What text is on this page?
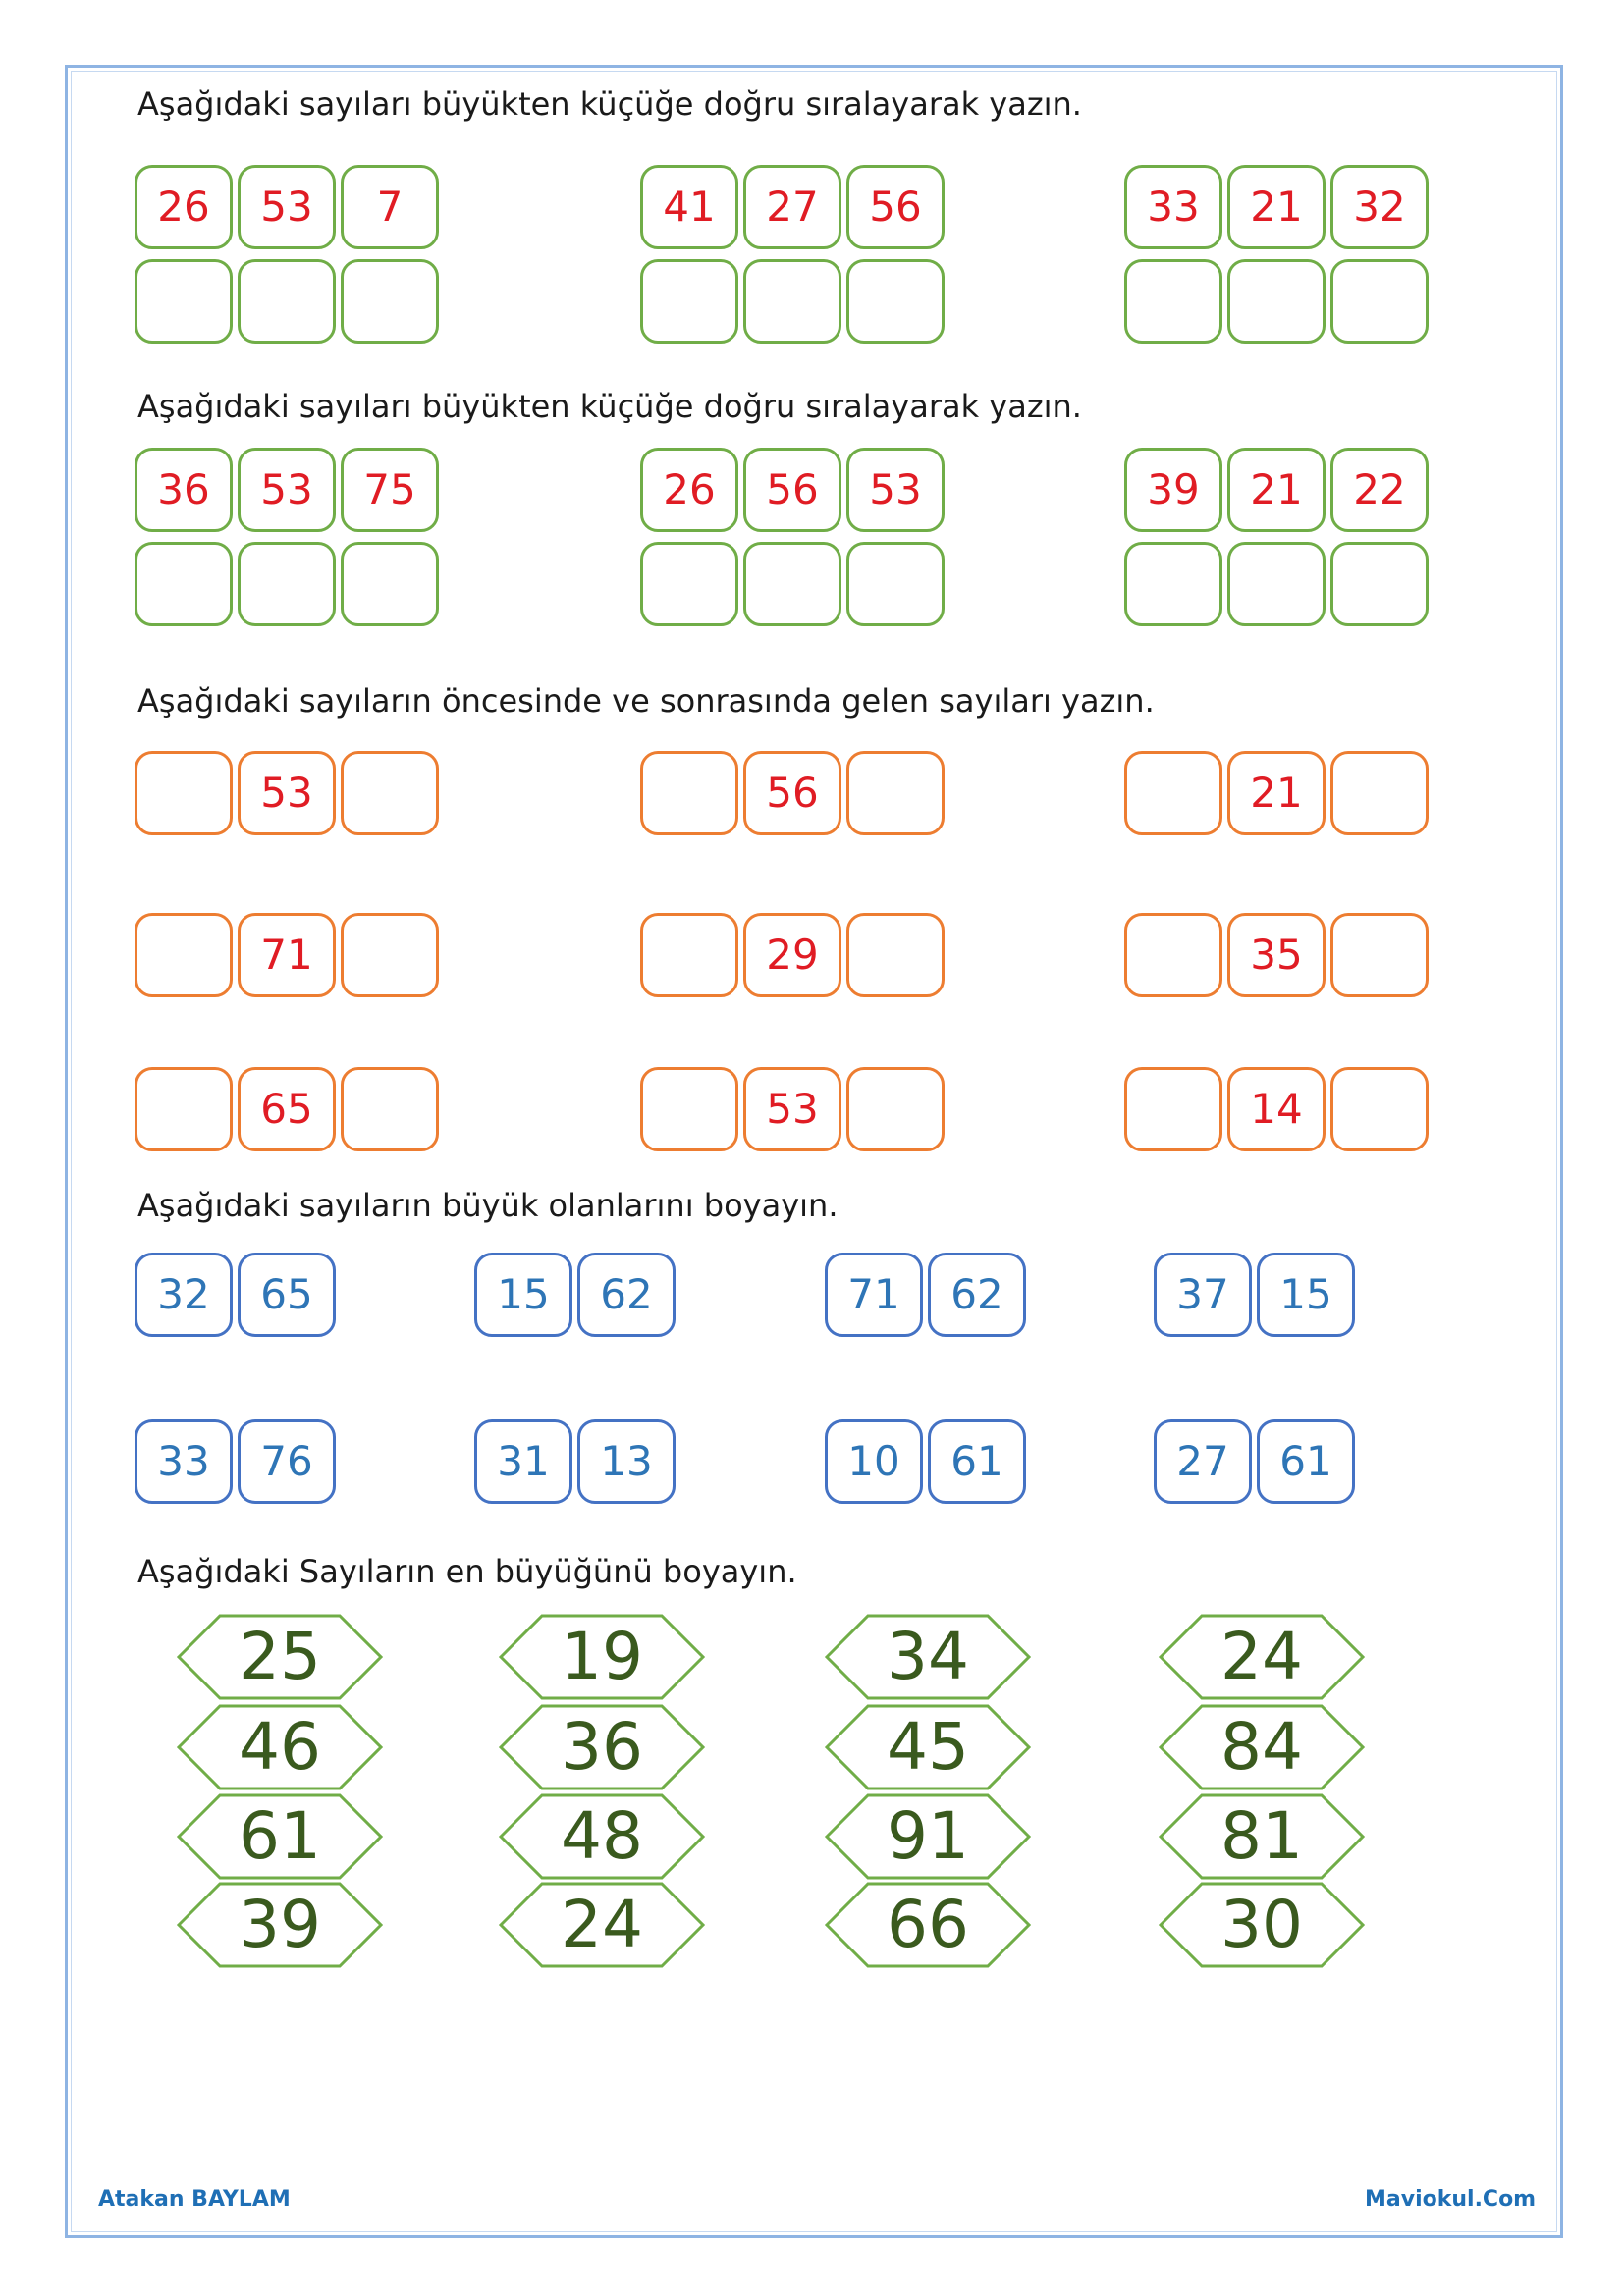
Aşağıdaki sayıları büyükten küçüğe doğru sıralayarak yazın.
26	53	7	41	27	56	33	21	32
Aşağıdaki sayıları büyükten küçüğe doğru sıralayarak yazın.
36	53	75	26	56	53	39	21	22
Aşağıdaki sayıların öncesinde ve sonrasında gelen sayıları yazın.
53	56	21
71	29	35
65	53	14
Aşağıdaki sayıların büyük olanlarını boyayın.
32	65	15	62	71	62	37	15
33	76	31	13	10	61	27	61
Aşağıdaki Sayıların en büyüğünü boyayın.
25
46
61
39
19
36
48
24
34
45
91
66
24
84
81
30
Atakan BAYLAM	Maviokul.Com
